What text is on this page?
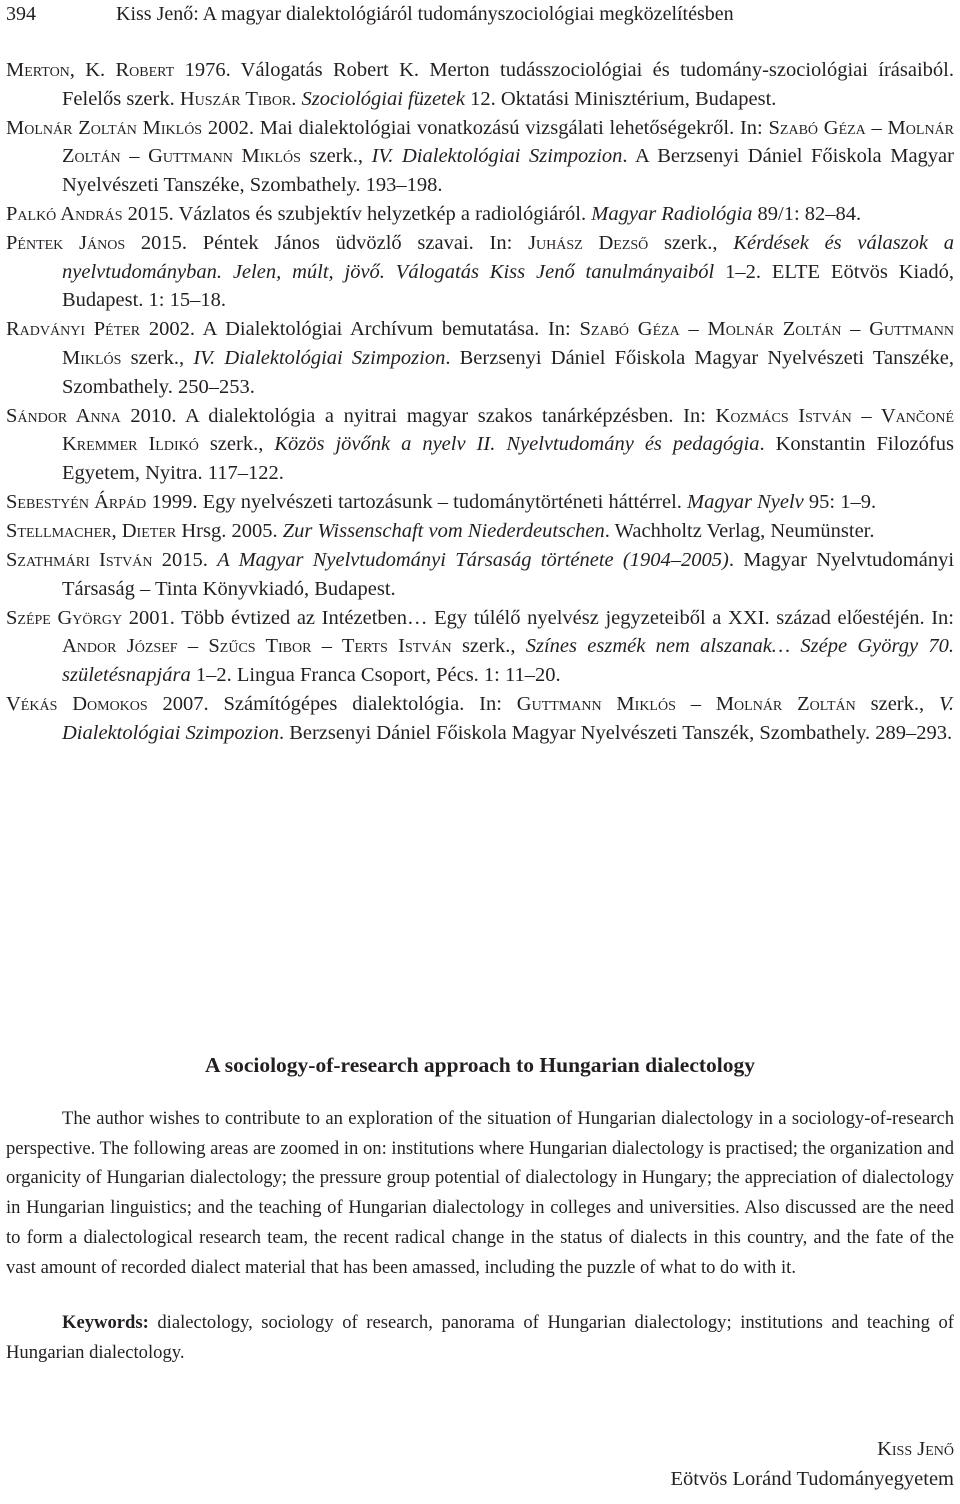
394	Kiss Jenő: A magyar dialektológiáról tudományszociológiai megközelítésben

Merton, K. Robert 1976. Válogatás Robert K. Merton tudásszociológiai és tudomány-szociológiai írásaiból. Felelős szerk. Huszár Tibor. Szociológiai füzetek 12. Oktatási Minisztérium, Budapest.

Molnár Zoltán Miklós 2002. Mai dialektológiai vonatkozású vizsgálati lehetőségekről. In: Szabó Géza – Molnár Zoltán – Guttmann Miklós szerk., IV. Dialektológiai Szimpozion. A Berzsenyi Dániel Főiskola Magyar Nyelvészeti Tanszéke, Szombathely. 193–198.

Palkó András 2015. Vázlatos és szubjektív helyzetkép a radiológiáról. Magyar Radiológia 89/1: 82–84.

Péntek János 2015. Péntek János üdvözlő szavai. In: Juhász Dezső szerk., Kérdések és válaszok a nyelvtudományban. Jelen, múlt, jövő. Válogatás Kiss Jenő tanulmányaiból 1–2. ELTE Eötvös Kiadó, Budapest. 1: 15–18.

Radványi Péter 2002. A Dialektológiai Archívum bemutatása. In: Szabó Géza – Molnár Zoltán – Guttmann Miklós szerk., IV. Dialektológiai Szimpozion. Berzsenyi Dániel Főiskola Magyar Nyelvészeti Tanszéke, Szombathely. 250–253.

Sándor Anna 2010. A dialektológia a nyitrai magyar szakos tanárképzésben. In: Kozmács István – Vančoné Kremmer Ildikó szerk., Közös jövőnk a nyelv II. Nyelvtudomány és pedagógia. Konstantin Filozófus Egyetem, Nyitra. 117–122.

Sebestyén Árpád 1999. Egy nyelvészeti tartozásunk – tudománytörténeti háttérrel. Magyar Nyelv 95: 1–9.

Stellmacher, Dieter Hrsg. 2005. Zur Wissenschaft vom Niederdeutschen. Wachholtz Verlag, Neumünster.

Szathmári István 2015. A Magyar Nyelvtudományi Társaság története (1904–2005). Magyar Nyelvtudományi Társaság – Tinta Könyvkiadó, Budapest.

Szépe György 2001. Több évtized az Intézetben… Egy túlélő nyelvész jegyzeteiből a XXI. század előestéjén. In: Andor József – Szűcs Tibor – Terts István szerk., Színes eszmék nem alszanak… Szépe György 70. születésnapjára 1–2. Lingua Franca Csoport, Pécs. 1: 11–20.

Vékás Domokos 2007. Számítógépes dialektológia. In: Guttmann Miklós – Molnár Zoltán szerk., V. Dialektológiai Szimpozion. Berzsenyi Dániel Főiskola Magyar Nyelvészeti Tanszék, Szombathely. 289–293.

A sociology-of-research approach to Hungarian dialectology

The author wishes to contribute to an exploration of the situation of Hungarian dialectology in a sociology-of-research perspective. The following areas are zoomed in on: institutions where Hungarian dialectology is practised; the organization and organicity of Hungarian dialectology; the pressure group potential of dialectology in Hungary; the appreciation of dialectology in Hungarian linguistics; and the teaching of Hungarian dialectology in colleges and universities. Also discussed are the need to form a dialectological research team, the recent radical change in the status of dialects in this country, and the fate of the vast amount of recorded dialect material that has been amassed, including the puzzle of what to do with it.

Keywords: dialectology, sociology of research, panorama of Hungarian dialectology; institutions and teaching of Hungarian dialectology.

Kiss Jenő
Eötvös Loránd Tudományegyetem
